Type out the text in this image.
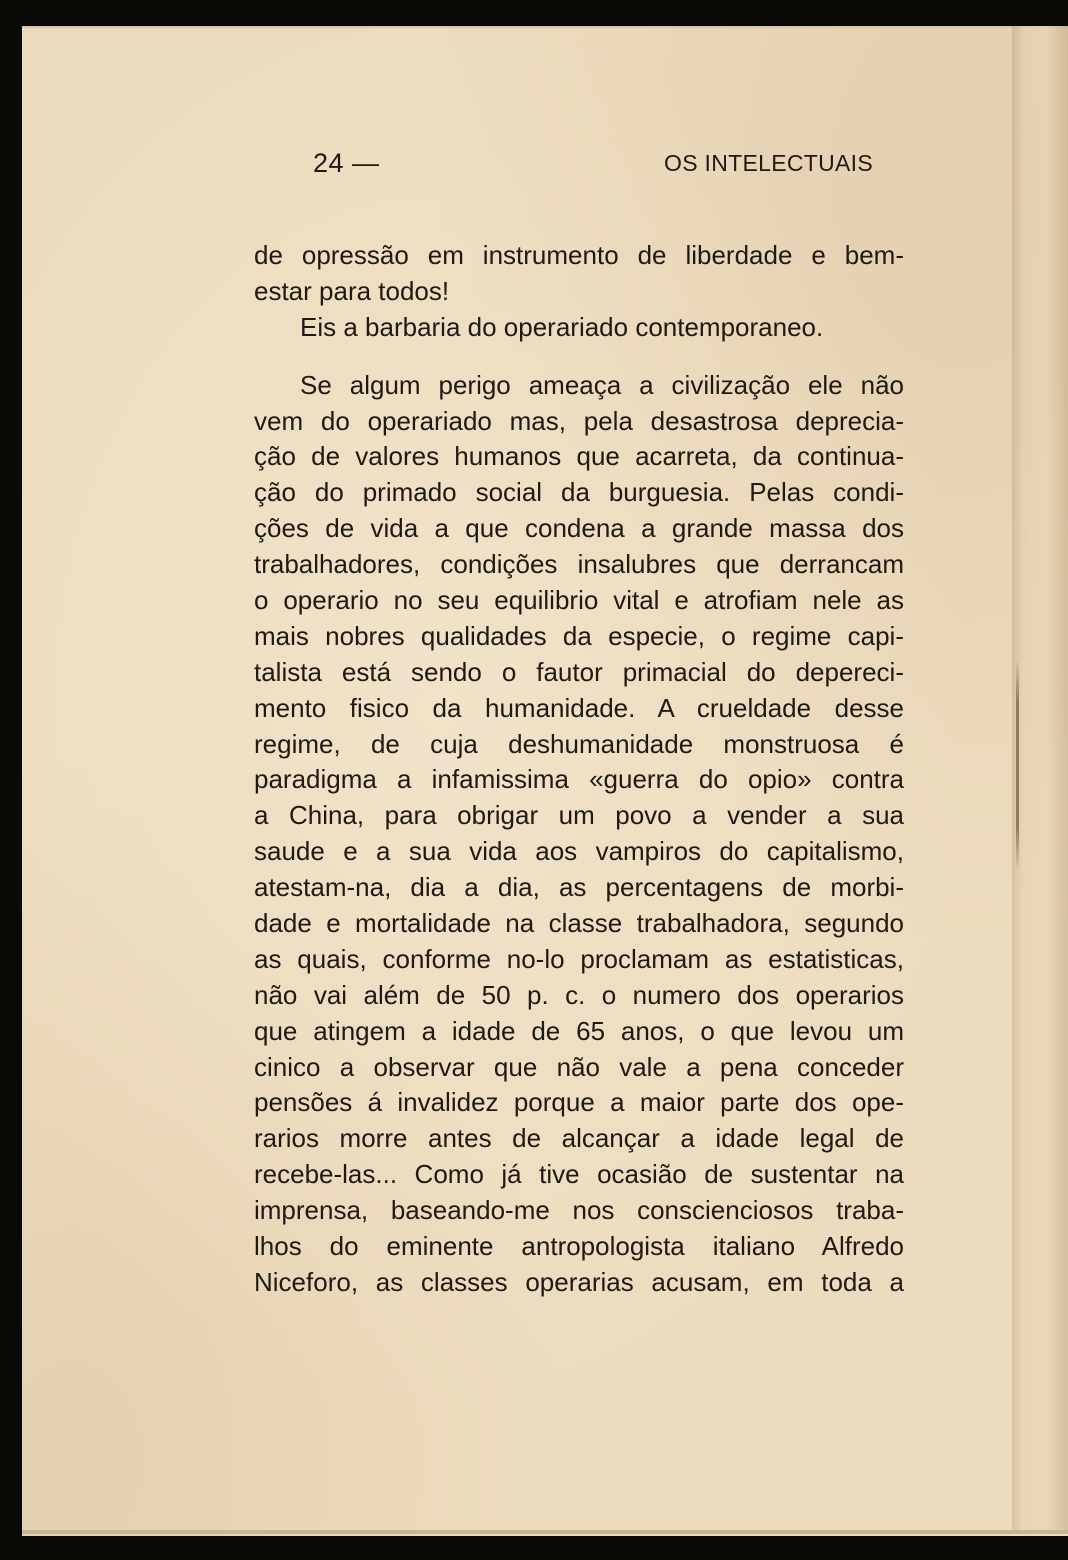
24 —	OS INTELECTUAIS
de opressão em instrumento de liberdade e bem-
estar para todos!
Eis a barbaria do operariado contemporaneo.
Se algum perigo ameaça a civilização ele não
vem do operariado mas, pela desastrosa deprecia-
ção de valores humanos que acarreta, da continua-
ção do primado social da burguesia. Pelas condi-
ções de vida a que condena a grande massa dos
trabalhadores, condições insalubres que derrancam
o operario no seu equilibrio vital e atrofiam nele as
mais nobres qualidades da especie, o regime capi-
talista está sendo o fautor primacial do depereci-
mento fisico da humanidade. A crueldade desse
regime, de cuja deshumanidade monstruosa é
paradigma a infamissima «guerra do opio» contra
a China, para obrigar um povo a vender a sua
saude e a sua vida aos vampiros do capitalismo,
atestam-na, dia a dia, as percentagens de morbi-
dade e mortalidade na classe trabalhadora, segundo
as quais, conforme no-lo proclamam as estatisticas,
não vai além de 50 p. c. o numero dos operarios
que atingem a idade de 65 anos, o que levou um
cinico a observar que não vale a pena conceder
pensões á invalidez porque a maior parte dos ope-
rarios morre antes de alcançar a idade legal de
recebe-las... Como já tive ocasião de sustentar na
imprensa, baseando-me nos conscienciosos traba-
lhos do eminente antropologista italiano Alfredo
Niceforo, as classes operarias acusam, em toda a
